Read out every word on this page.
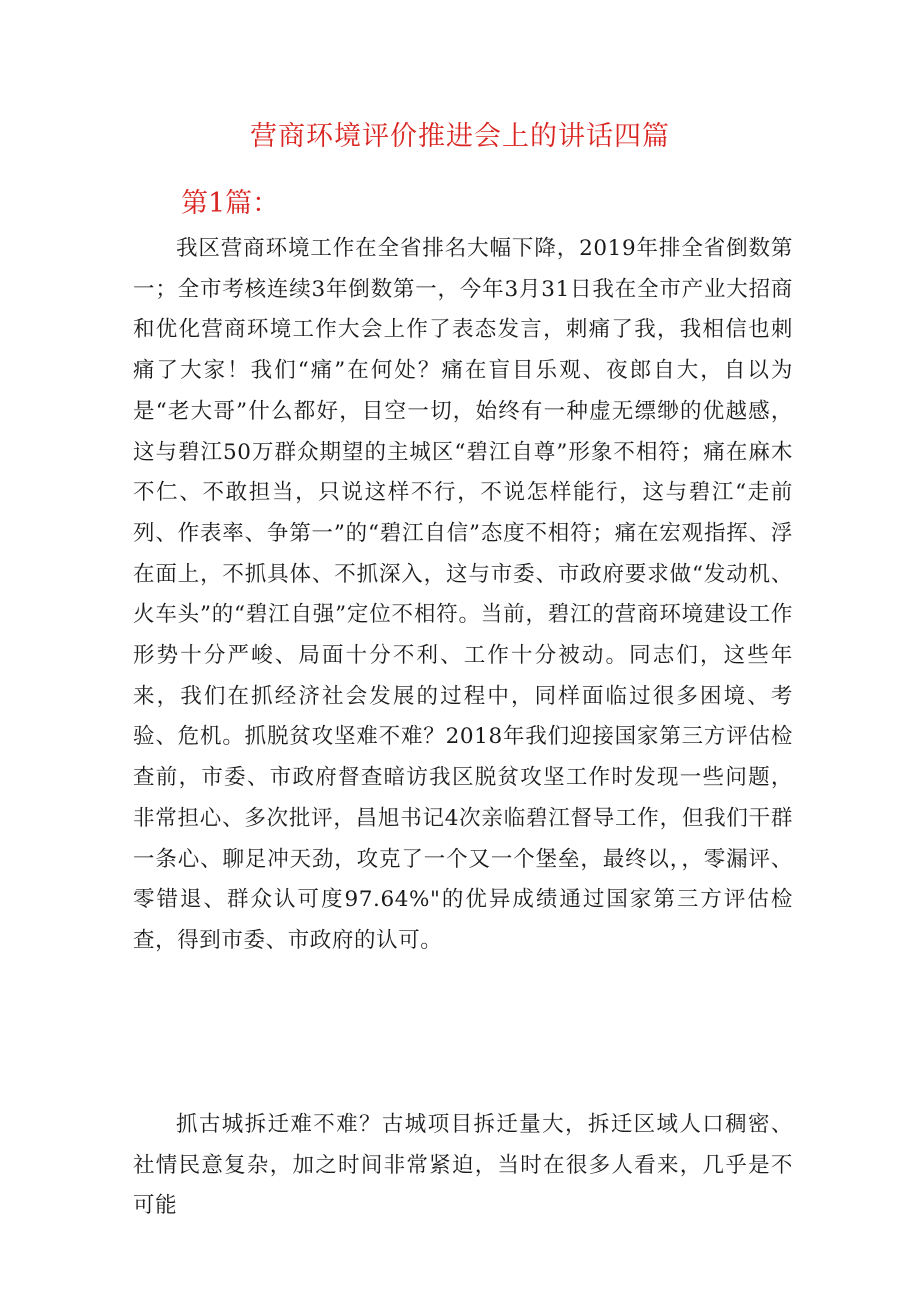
营商环境评价推进会上的讲话四篇
第1篇：

我区营商环境工作在全省排名大幅下降，2019年排全省倒数第一；全市考核连续3年倒数第一，今年3月31日我在全市产业大招商和优化营商环境工作大会上作了表态发言，刺痛了我，我相信也刺痛了大家！我们“痛”在何处？痛在盲目乐观、夜郎自大，自以为是“老大哥”什么都好，目空一切，始终有一种虚无缥缈的优越感，这与碧江50万群众期望的主城区“碧江自尊”形象不相符；痛在麻木不仁、不敢担当，只说这样不行，不说怎样能行，这与碧江“走前列、作表率、争第一”的“碧江自信”态度不相符；痛在宏观指挥、浮在面上，不抓具体、不抓深入，这与市委、市政府要求做“发动机、火车头”的“碧江自强”定位不相符。当前，碧江的营商环境建设工作形势十分严峻、局面十分不利、工作十分被动。同志们，这些年来，我们在抓经济社会发展的过程中，同样面临过很多困境、考验、危机。抓脱贫攻坚难不难？2018年我们迎接国家第三方评估检查前，市委、市政府督查暗访我区脱贫攻坚工作时发现一些问题，非常担心、多次批评，昌旭书记4次亲临碧江督导工作，但我们干群一条心、聊足冲天劲，攻克了一个又一个堡垒，最终以，，零漏评、零错退、群众认可度97.64%"的优异成绩通过国家第三方评估检查，得到市委、市政府的认可。

抓古城拆迁难不难？古城项目拆迁量大，拆迁区域人口稠密、社情民意复杂，加之时间非常紧迫，当时在很多人看来，几乎是不可能
